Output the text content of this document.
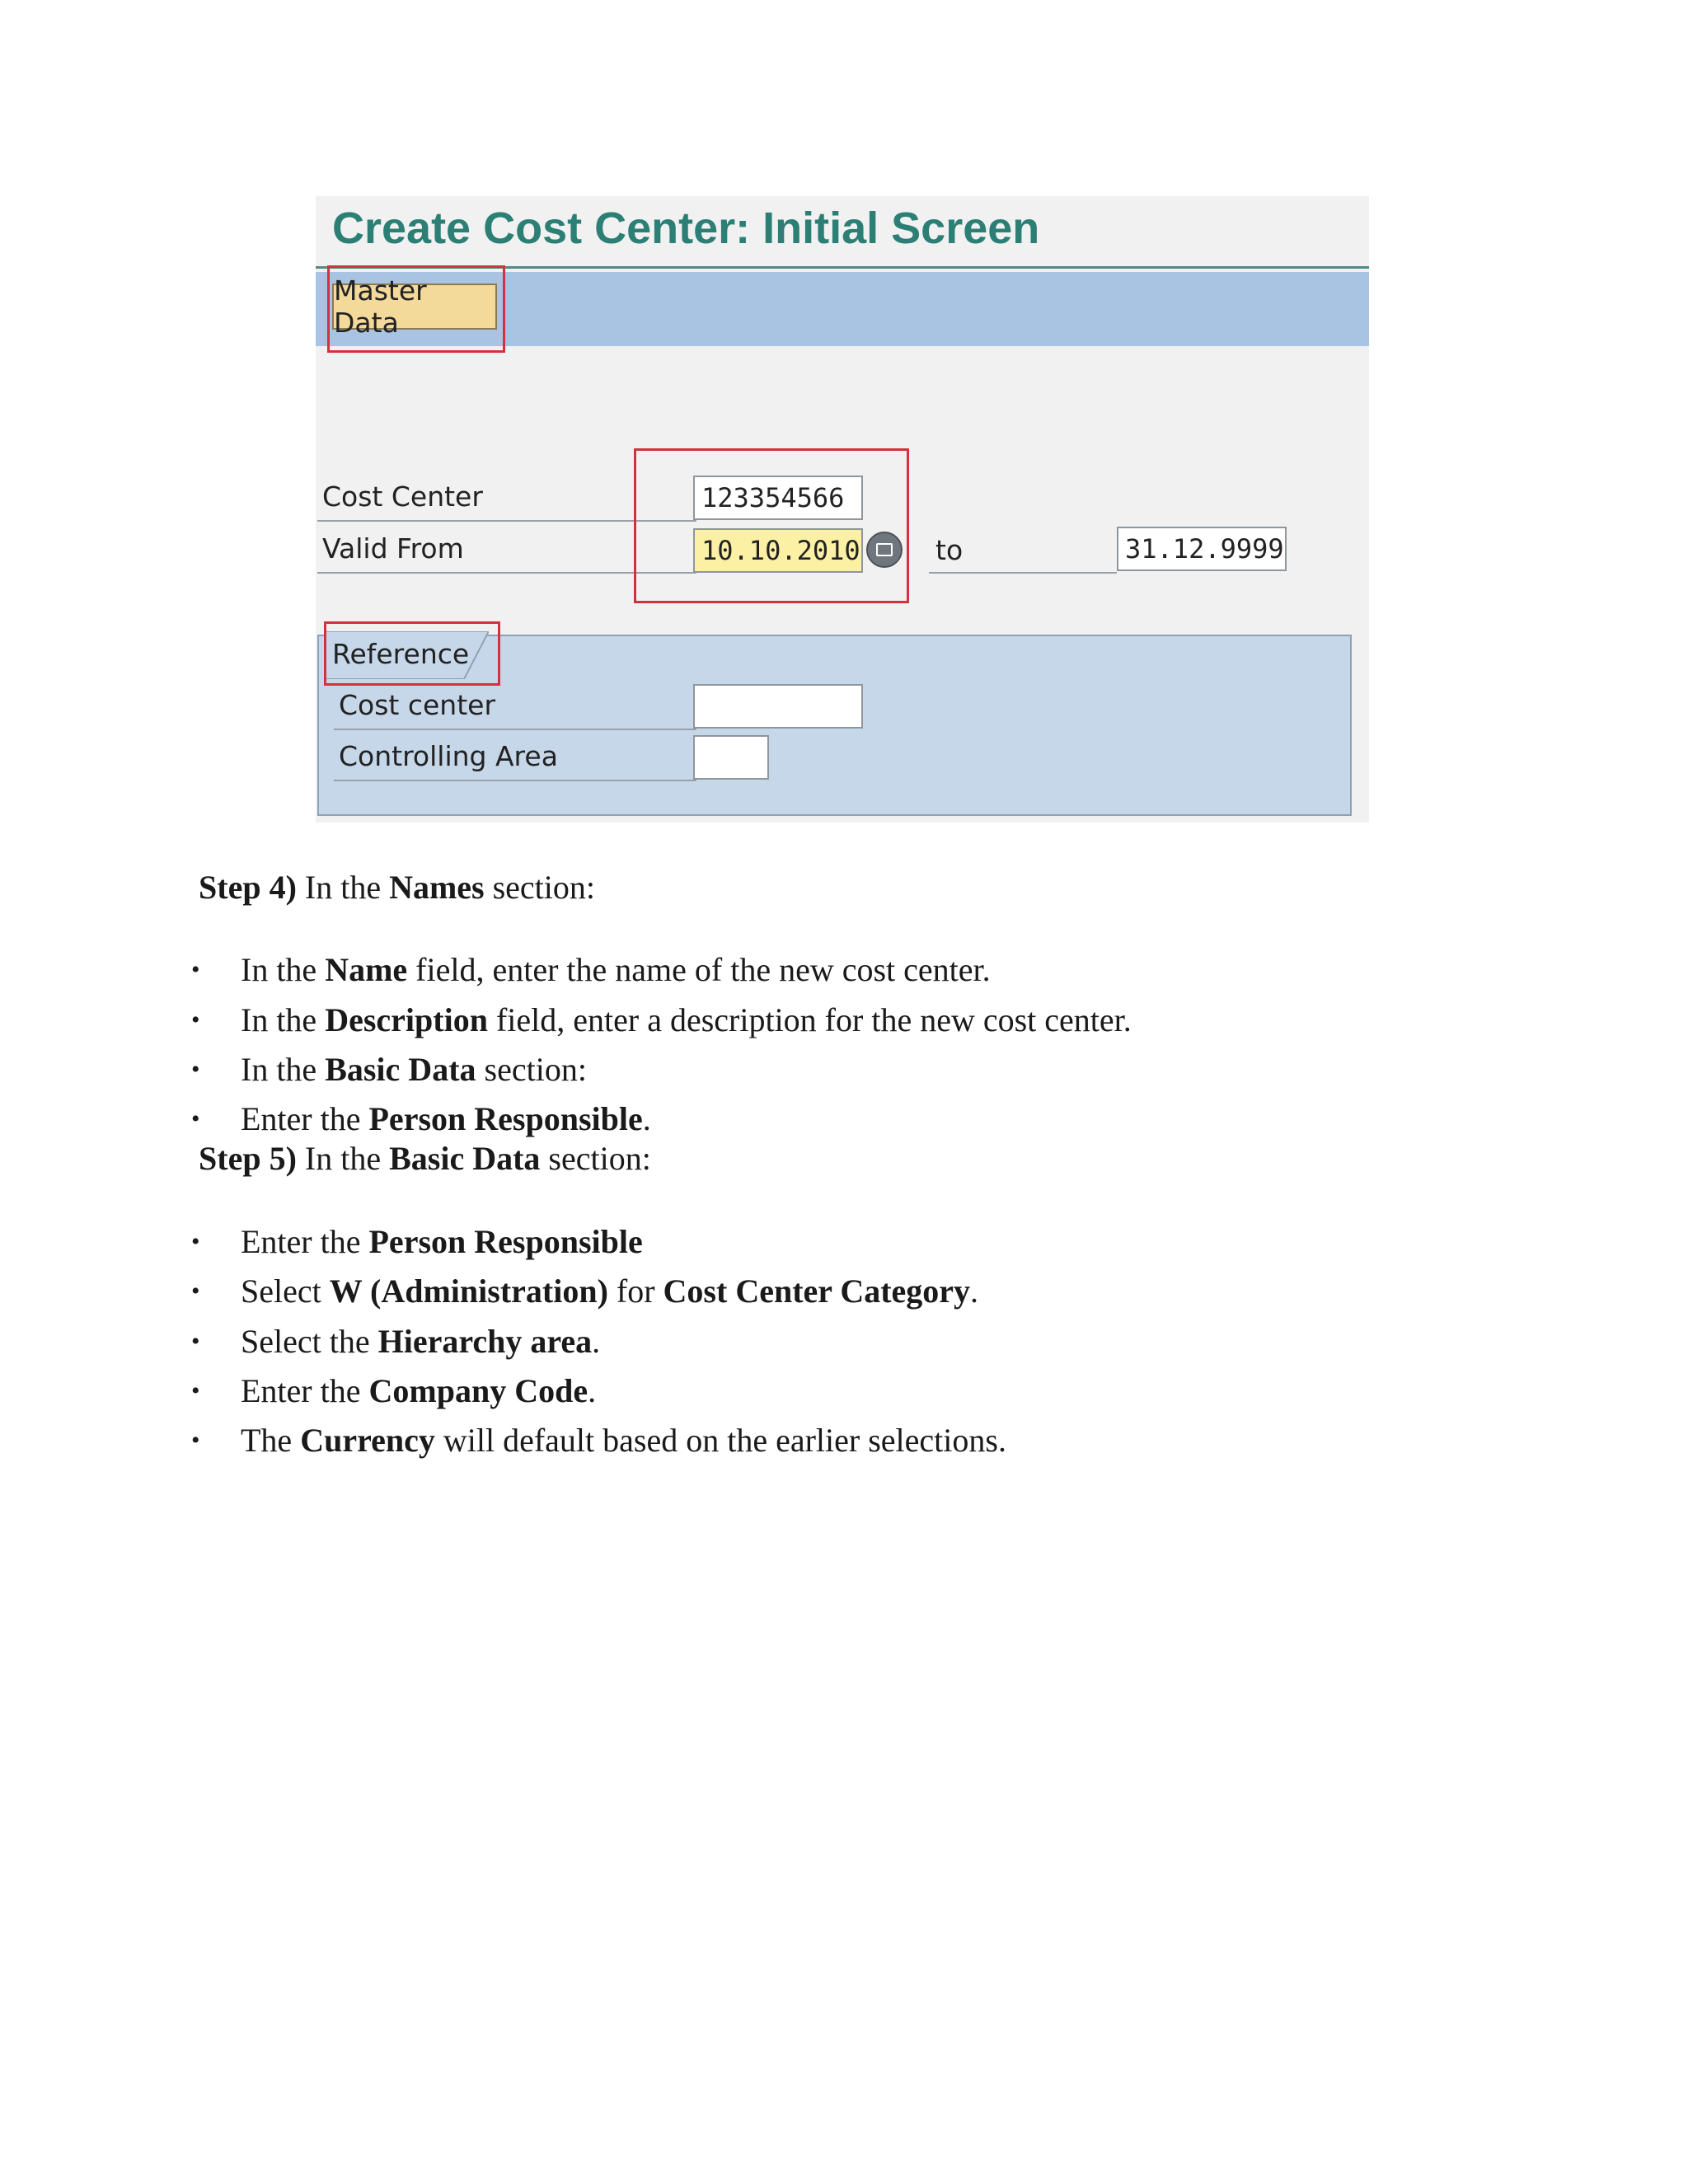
Create Cost Center: Initial Screen
Master Data
Cost Center	123354566
Valid From	10.10.2010	to	31.12.9999
Reference
Cost center
Controlling Area
Step 4) In the Names section:
• In the Name field, enter the name of the new cost center.
• In the Description field, enter a description for the new cost center.
• In the Basic Data section:
• Enter the Person Responsible.
Step 5) In the Basic Data section:
• Enter the Person Responsible
• Select W (Administration) for Cost Center Category.
• Select the Hierarchy area.
• Enter the Company Code.
• The Currency will default based on the earlier selections.
